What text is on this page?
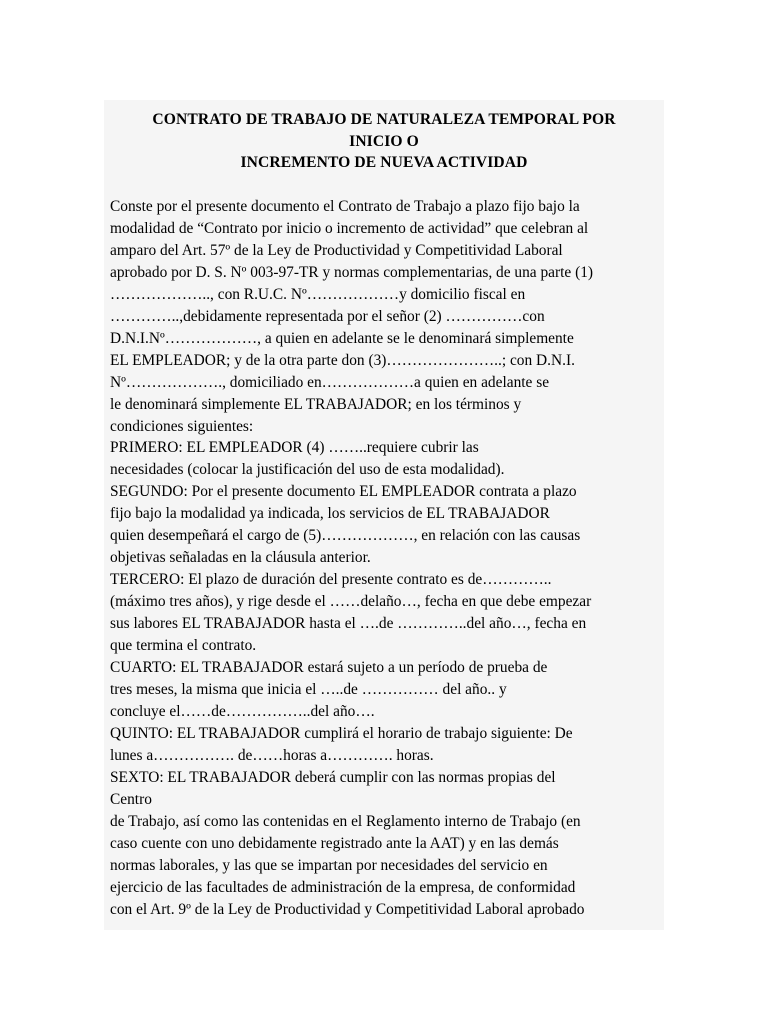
CONTRATO DE TRABAJO DE NATURALEZA TEMPORAL POR
INICIO O
INCREMENTO DE NUEVA ACTIVIDAD
Conste por el presente documento el Contrato de Trabajo a plazo fijo bajo la
modalidad de “Contrato por inicio o incremento de actividad” que celebran al
amparo del Art. 57º de la Ley de Productividad y Competitividad Laboral
aprobado por D. S. Nº 003-97-TR y normas complementarias, de una parte (1)
……………….., con R.U.C. Nº………………y domicilio fiscal en
…………..,debidamente representada por el señor (2) ……………con
D.N.I.Nº………………, a quien en adelante se le denominará simplemente
EL EMPLEADOR; y de la otra parte don (3)…………………..; con D.N.I.
Nº………………., domiciliado en………………a quien en adelante se
le denominará simplemente EL TRABAJADOR; en los términos y
condiciones siguientes:
PRIMERO: EL EMPLEADOR (4) ……..requiere cubrir las
necesidades (colocar la justificación del uso de esta modalidad).
SEGUNDO: Por el presente documento EL EMPLEADOR contrata a plazo
fijo bajo la modalidad ya indicada, los servicios de EL TRABAJADOR
quien desempeñará el cargo de (5)………………, en relación con las causas
objetivas señaladas en la cláusula anterior.
TERCERO: El plazo de duración del presente contrato es de…………..
(máximo tres años), y rige desde el ……delaño…, fecha en que debe empezar
sus labores EL TRABAJADOR hasta el ….de …………..del año…, fecha en
que termina el contrato.
CUARTO: EL TRABAJADOR estará sujeto a un período de prueba de
tres meses, la misma que inicia el …..de …………… del año.. y
concluye el……de……………..del año….
QUINTO: EL TRABAJADOR cumplirá el horario de trabajo siguiente: De
lunes a……………. de……horas a…………. horas.
SEXTO: EL TRABAJADOR deberá cumplir con las normas propias del
Centro
de Trabajo, así como las contenidas en el Reglamento interno de Trabajo (en
caso cuente con uno debidamente registrado ante la AAT) y en las demás
normas laborales, y las que se impartan por necesidades del servicio en
ejercicio de las facultades de administración de la empresa, de conformidad
con el Art. 9º de la Ley de Productividad y Competitividad Laboral aprobado
